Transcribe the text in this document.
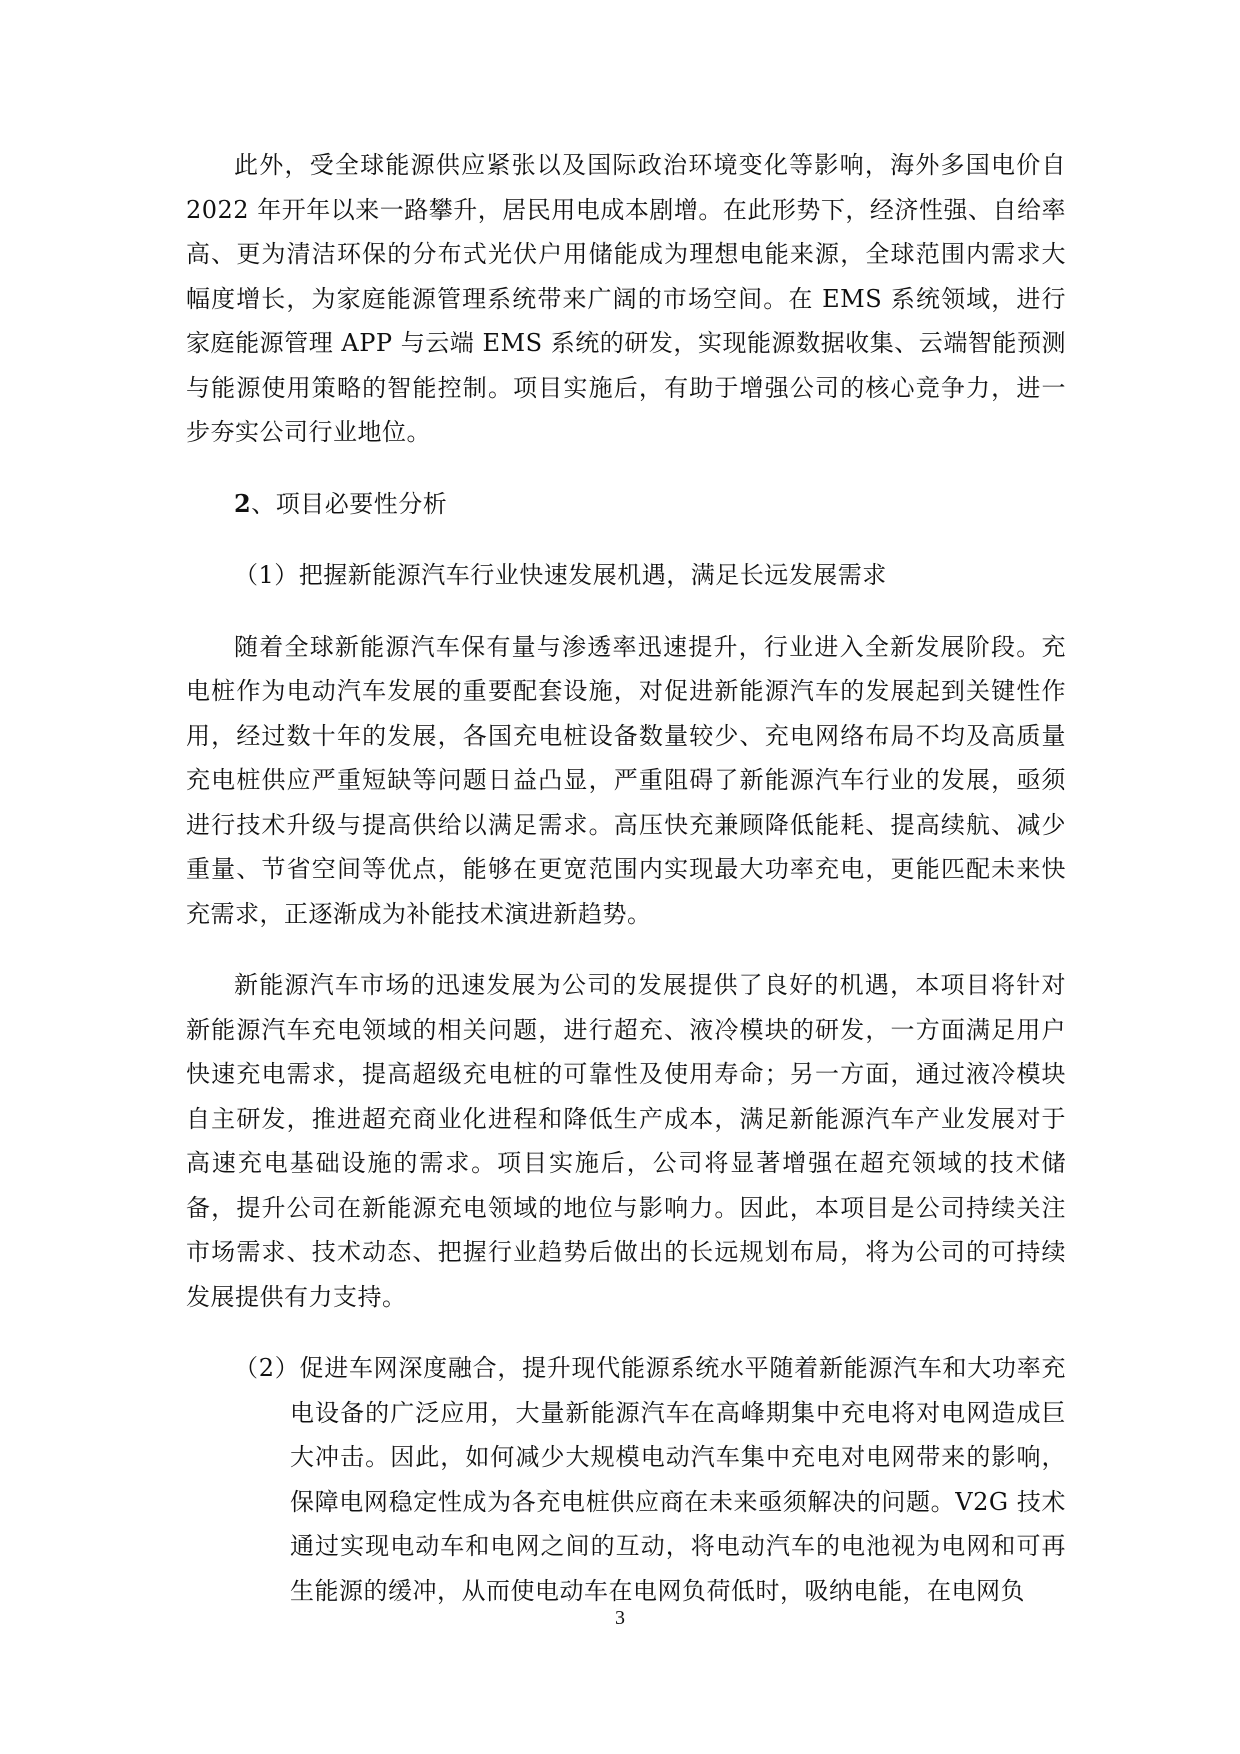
此外，受全球能源供应紧张以及国际政治环境变化等影响，海外多国电价自 2022 年开年以来一路攀升，居民用电成本剧增。在此形势下，经济性强、自给率高、更为清洁环保的分布式光伏户用储能成为理想电能来源，全球范围内需求大幅度增长，为家庭能源管理系统带来广阔的市场空间。在 EMS 系统领域，进行家庭能源管理 APP 与云端 EMS 系统的研发，实现能源数据收集、云端智能预测与能源使用策略的智能控制。项目实施后，有助于增强公司的核心竞争力，进一步夯实公司行业地位。

2、项目必要性分析

（1）把握新能源汽车行业快速发展机遇，满足长远发展需求

随着全球新能源汽车保有量与渗透率迅速提升，行业进入全新发展阶段。充电桩作为电动汽车发展的重要配套设施，对促进新能源汽车的发展起到关键性作用，经过数十年的发展，各国充电桩设备数量较少、充电网络布局不均及高质量充电桩供应严重短缺等问题日益凸显，严重阻碍了新能源汽车行业的发展，亟须进行技术升级与提高供给以满足需求。高压快充兼顾降低能耗、提高续航、减少重量、节省空间等优点，能够在更宽范围内实现最大功率充电，更能匹配未来快充需求，正逐渐成为补能技术演进新趋势。

新能源汽车市场的迅速发展为公司的发展提供了良好的机遇，本项目将针对新能源汽车充电领域的相关问题，进行超充、液冷模块的研发，一方面满足用户快速充电需求，提高超级充电桩的可靠性及使用寿命；另一方面，通过液冷模块自主研发，推进超充商业化进程和降低生产成本，满足新能源汽车产业发展对于高速充电基础设施的需求。项目实施后，公司将显著增强在超充领域的技术储备，提升公司在新能源充电领域的地位与影响力。因此，本项目是公司持续关注市场需求、技术动态、把握行业趋势后做出的长远规划布局，将为公司的可持续发展提供有力支持。

（2）促进车网深度融合，提升现代能源系统水平随着新能源汽车和大功率充电设备的广泛应用，大量新能源汽车在高峰期集中充电将对电网造成巨大冲击。因此，如何减少大规模电动汽车集中充电对电网带来的影响，保障电网稳定性成为各充电桩供应商在未来亟须解决的问题。V2G 技术通过实现电动车和电网之间的互动，将电动汽车的电池视为电网和可再生能源的缓冲，从而使电动车在电网负荷低时，吸纳电能，在电网负

3
